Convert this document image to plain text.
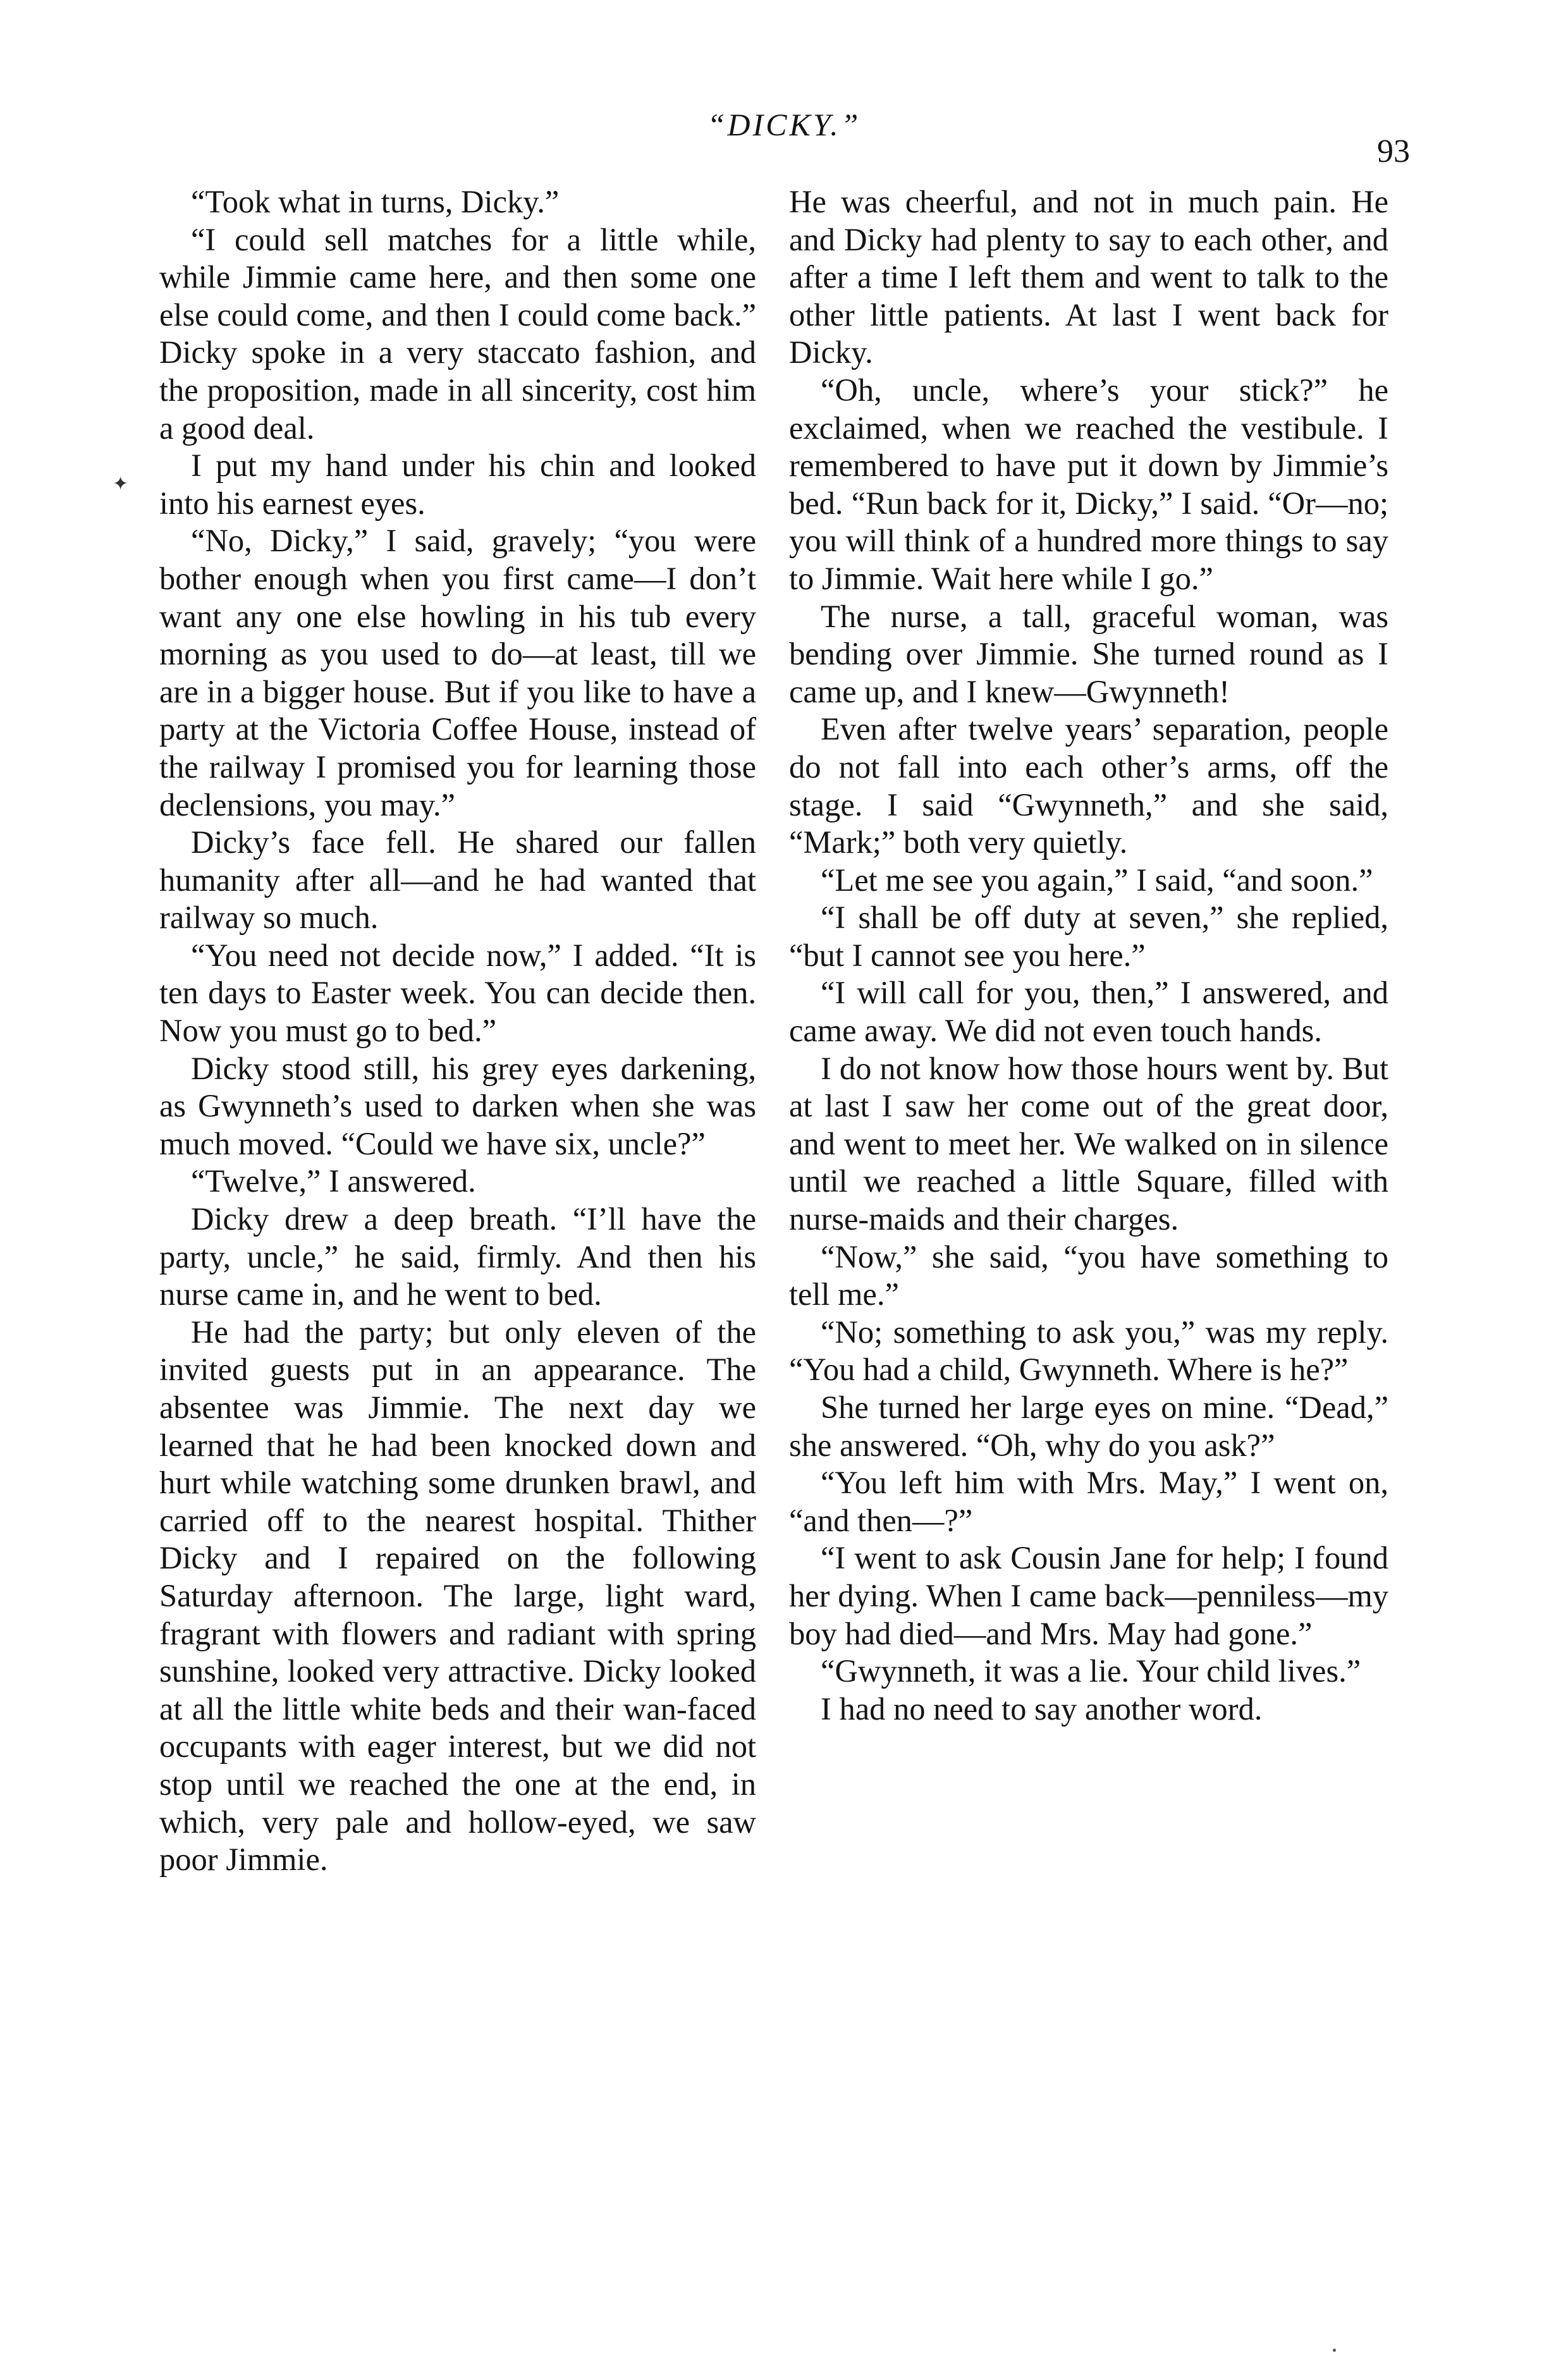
“DICKY.”
93
✦

“Took what in turns, Dicky.”

“I could sell matches for a little while, while Jimmie came here, and then some one else could come, and then I could come back.” Dicky spoke in a very staccato fashion, and the proposition, made in all sincerity, cost him a good deal.

I put my hand under his chin and looked into his earnest eyes.

“No, Dicky,” I said, gravely; “you were bother enough when you first came—I don’t want any one else howling in his tub every morning as you used to do—at least, till we are in a bigger house. But if you like to have a party at the Victoria Coffee House, instead of the railway I promised you for learning those declensions, you may.”

Dicky’s face fell. He shared our fallen humanity after all—and he had wanted that railway so much.

“You need not decide now,” I added. “It is ten days to Easter week. You can decide then. Now you must go to bed.”

Dicky stood still, his grey eyes darkening, as Gwynneth’s used to darken when she was much moved. “Could we have six, uncle?”

“Twelve,” I answered.

Dicky drew a deep breath. “I’ll have the party, uncle,” he said, firmly. And then his nurse came in, and he went to bed.

He had the party; but only eleven of the invited guests put in an appearance. The absentee was Jimmie. The next day we learned that he had been knocked down and hurt while watching some drunken brawl, and carried off to the nearest hospital. Thither Dicky and I repaired on the following Saturday afternoon. The large, light ward, fragrant with flowers and radiant with spring sunshine, looked very attractive. Dicky looked at all the little white beds and their wan-faced occupants with eager interest, but we did not stop until we reached the one at the end, in which, very pale and hollow-eyed, we saw poor Jimmie.

He was cheerful, and not in much pain. He and Dicky had plenty to say to each other, and after a time I left them and went to talk to the other little patients. At last I went back for Dicky.

“Oh, uncle, where’s your stick?” he exclaimed, when we reached the vestibule. I remembered to have put it down by Jimmie’s bed. “Run back for it, Dicky,” I said. “Or—no; you will think of a hundred more things to say to Jimmie. Wait here while I go.”

The nurse, a tall, graceful woman, was bending over Jimmie. She turned round as I came up, and I knew—Gwynneth!

Even after twelve years’ separation, people do not fall into each other’s arms, off the stage. I said “Gwynneth,” and she said, “Mark;” both very quietly.

“Let me see you again,” I said, “and soon.”

“I shall be off duty at seven,” she replied, “but I cannot see you here.”

“I will call for you, then,” I answered, and came away. We did not even touch hands.

I do not know how those hours went by. But at last I saw her come out of the great door, and went to meet her. We walked on in silence until we reached a little Square, filled with nurse-maids and their charges.

“Now,” she said, “you have something to tell me.”

“No; something to ask you,” was my reply. “You had a child, Gwynneth. Where is he?”

She turned her large eyes on mine. “Dead,” she answered. “Oh, why do you ask?”

“You left him with Mrs. May,” I went on, “and then—?”

“I went to ask Cousin Jane for help; I found her dying. When I came back—penniless—my boy had died—and Mrs. May had gone.”

“Gwynneth, it was a lie. Your child lives.”

I had no need to say another word.
